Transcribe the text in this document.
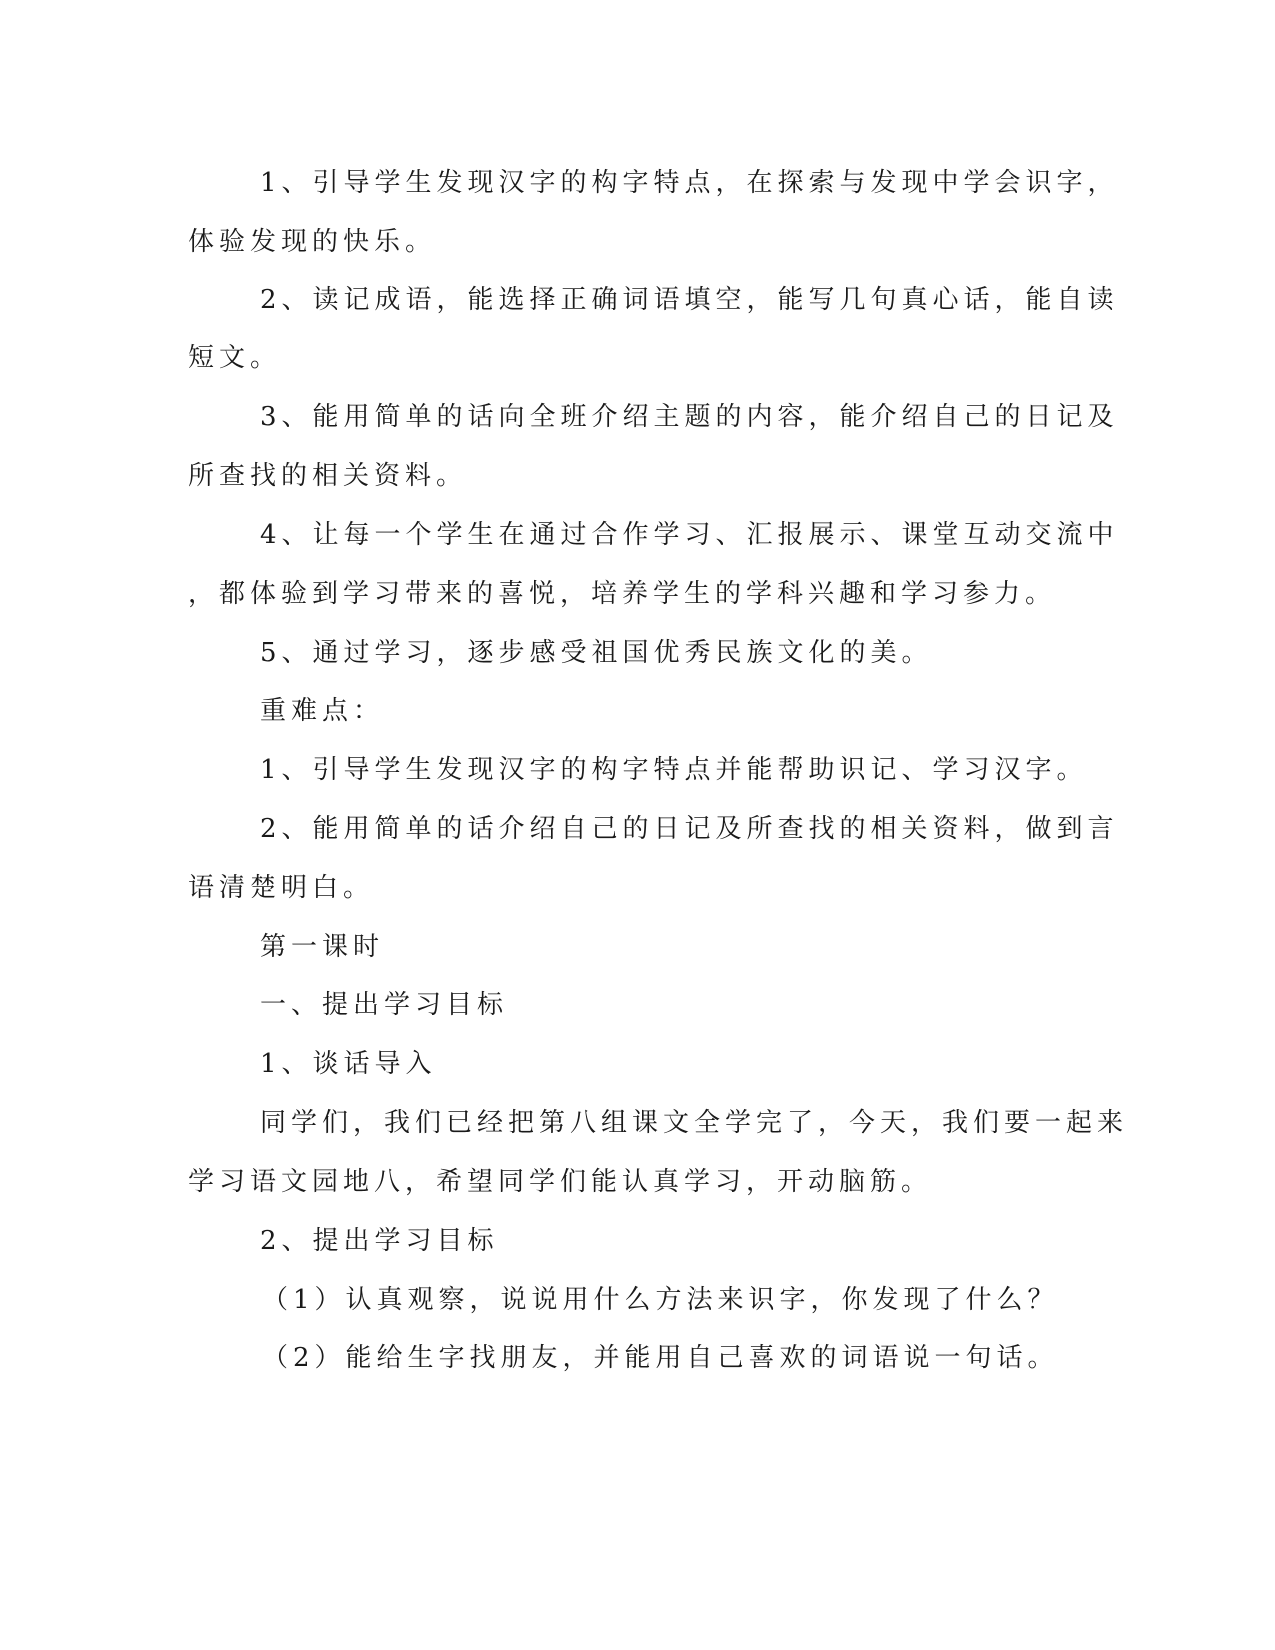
1、引导学生发现汉字的构字特点，在探索与发现中学会识字，
体验发现的快乐。
2、读记成语，能选择正确词语填空，能写几句真心话，能自读
短文。
3、能用简单的话向全班介绍主题的内容，能介绍自己的日记及
所查找的相关资料。
4、让每一个学生在通过合作学习、汇报展示、课堂互动交流中
，都体验到学习带来的喜悦，培养学生的学科兴趣和学习参力。
5、通过学习，逐步感受祖国优秀民族文化的美。
重难点：
1、引导学生发现汉字的构字特点并能帮助识记、学习汉字。
2、能用简单的话介绍自己的日记及所查找的相关资料，做到言
语清楚明白。
第一课时
一、提出学习目标
1、谈话导入
同学们，我们已经把第八组课文全学完了，今天，我们要一起来
学习语文园地八，希望同学们能认真学习，开动脑筋。
2、提出学习目标
（1）认真观察，说说用什么方法来识字，你发现了什么？
（2）能给生字找朋友，并能用自己喜欢的词语说一句话。
